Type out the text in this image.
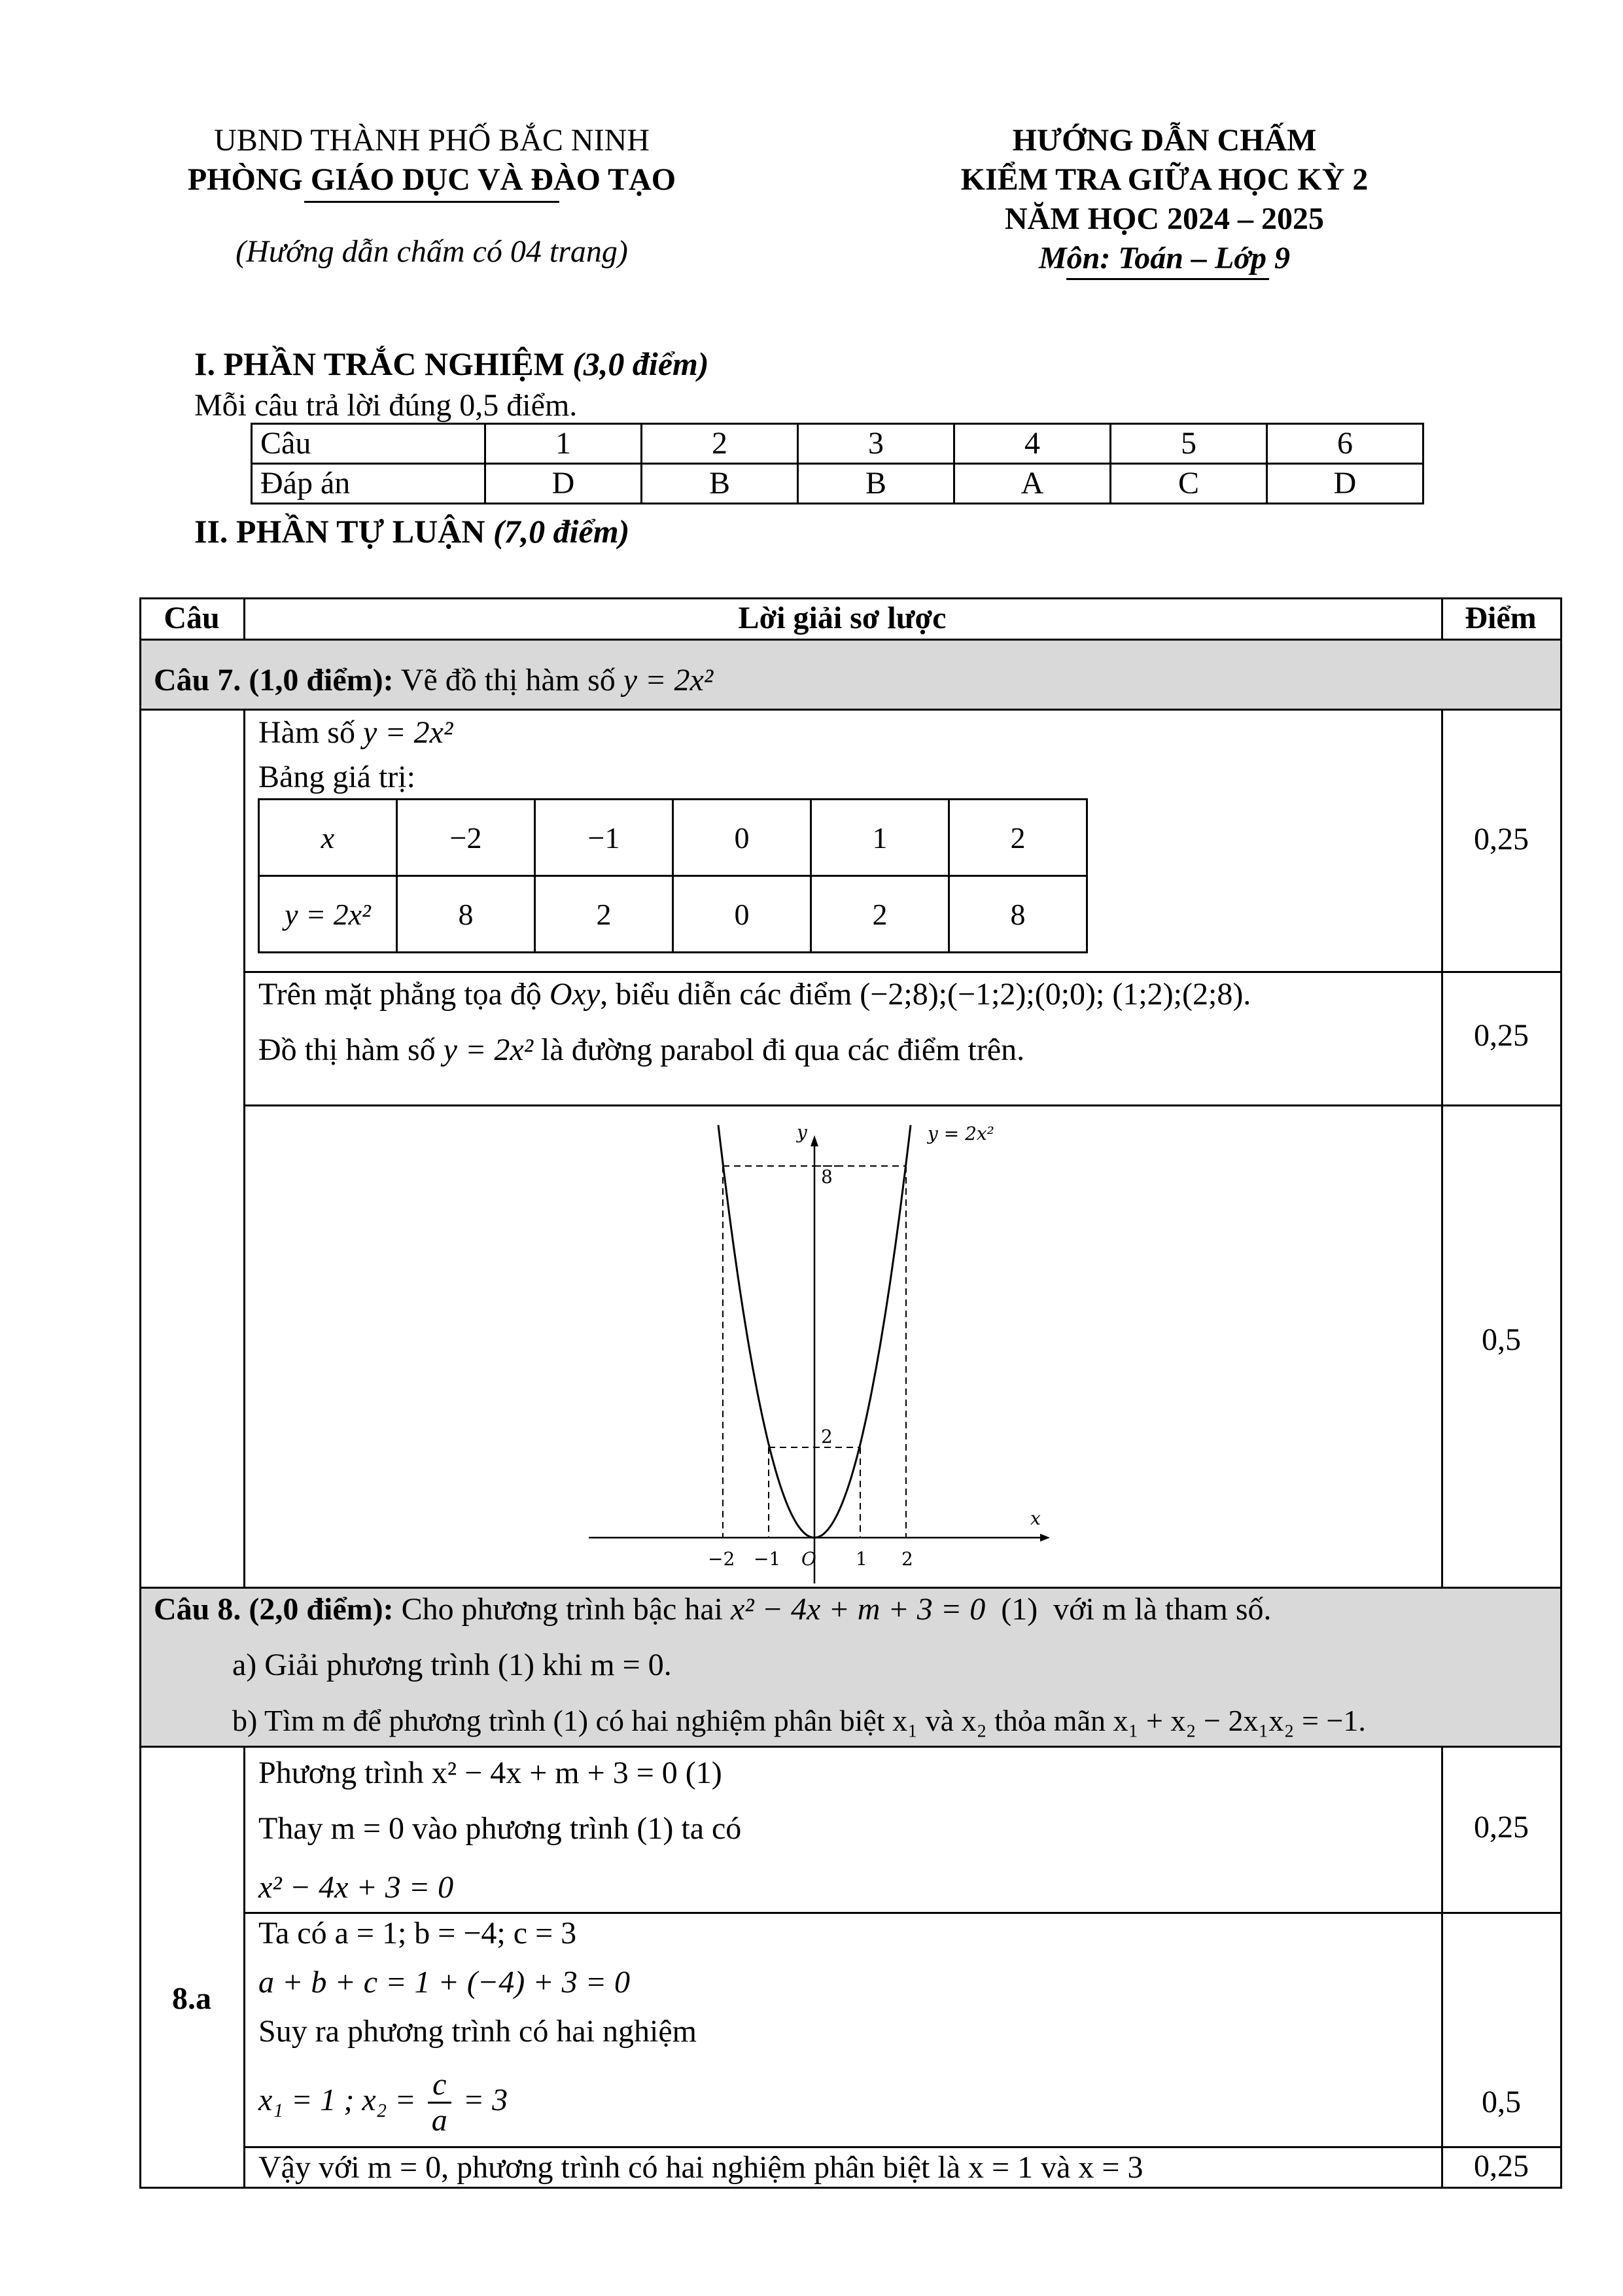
UBND THÀNH PHỐ BẮC NINH
PHÒNG GIÁO DỤC VÀ ĐÀO TẠO
(Hướng dẫn chấm có 04 trang)
HƯỚNG DẪN CHẤM
KIỂM TRA GIỮA HỌC KỲ 2
NĂM HỌC 2024 – 2025
Môn: Toán – Lớp 9
I. PHẦN TRẮC NGHIỆM (3,0 điểm)
Mỗi câu trả lời đúng 0,5 điểm.
Câu	1	2	3	4	5	6
Đáp án	D	B	B	A	C	D
II. PHẦN TỰ LUẬN (7,0 điểm)
Câu	Lời giải sơ lược	Điểm
Câu 7. (1,0 điểm): Vẽ đồ thị hàm số y = 2x²
Hàm số y = 2x²
Bảng giá trị:
x	−2	−1	0	1	2
y = 2x²	8	2	0	2	8
0,25
Trên mặt phẳng tọa độ Oxy, biểu diễn các điểm (−2;8);(−1;2);(0;0); (1;2);(2;8).
Đồ thị hàm số y = 2x² là đường parabol đi qua các điểm trên.	0,25
y
x
y = 2x²
8
2
O
−2 −1	1 2
0,5
Câu 8. (2,0 điểm): Cho phương trình bậc hai x² − 4x + m + 3 = 0 (1) với m là tham số.
a) Giải phương trình (1) khi m = 0.
b) Tìm m để phương trình (1) có hai nghiệm phân biệt x₁ và x₂ thỏa mãn x₁ + x₂ − 2x₁x₂ = −1.
8.a
Phương trình x² − 4x + m + 3 = 0 (1)
Thay m = 0 vào phương trình (1) ta có
x² − 4x + 3 = 0
0,25
Ta có a = 1; b = −4; c = 3
a + b + c = 1 + (−4) + 3 = 0
Suy ra phương trình có hai nghiệm
x₁ = 1 ; $x_2 = \frac{c}{a} = 3$	0,5
Vậy với m = 0, phương trình có hai nghiệm phân biệt là x = 1 và x = 3	0,25
